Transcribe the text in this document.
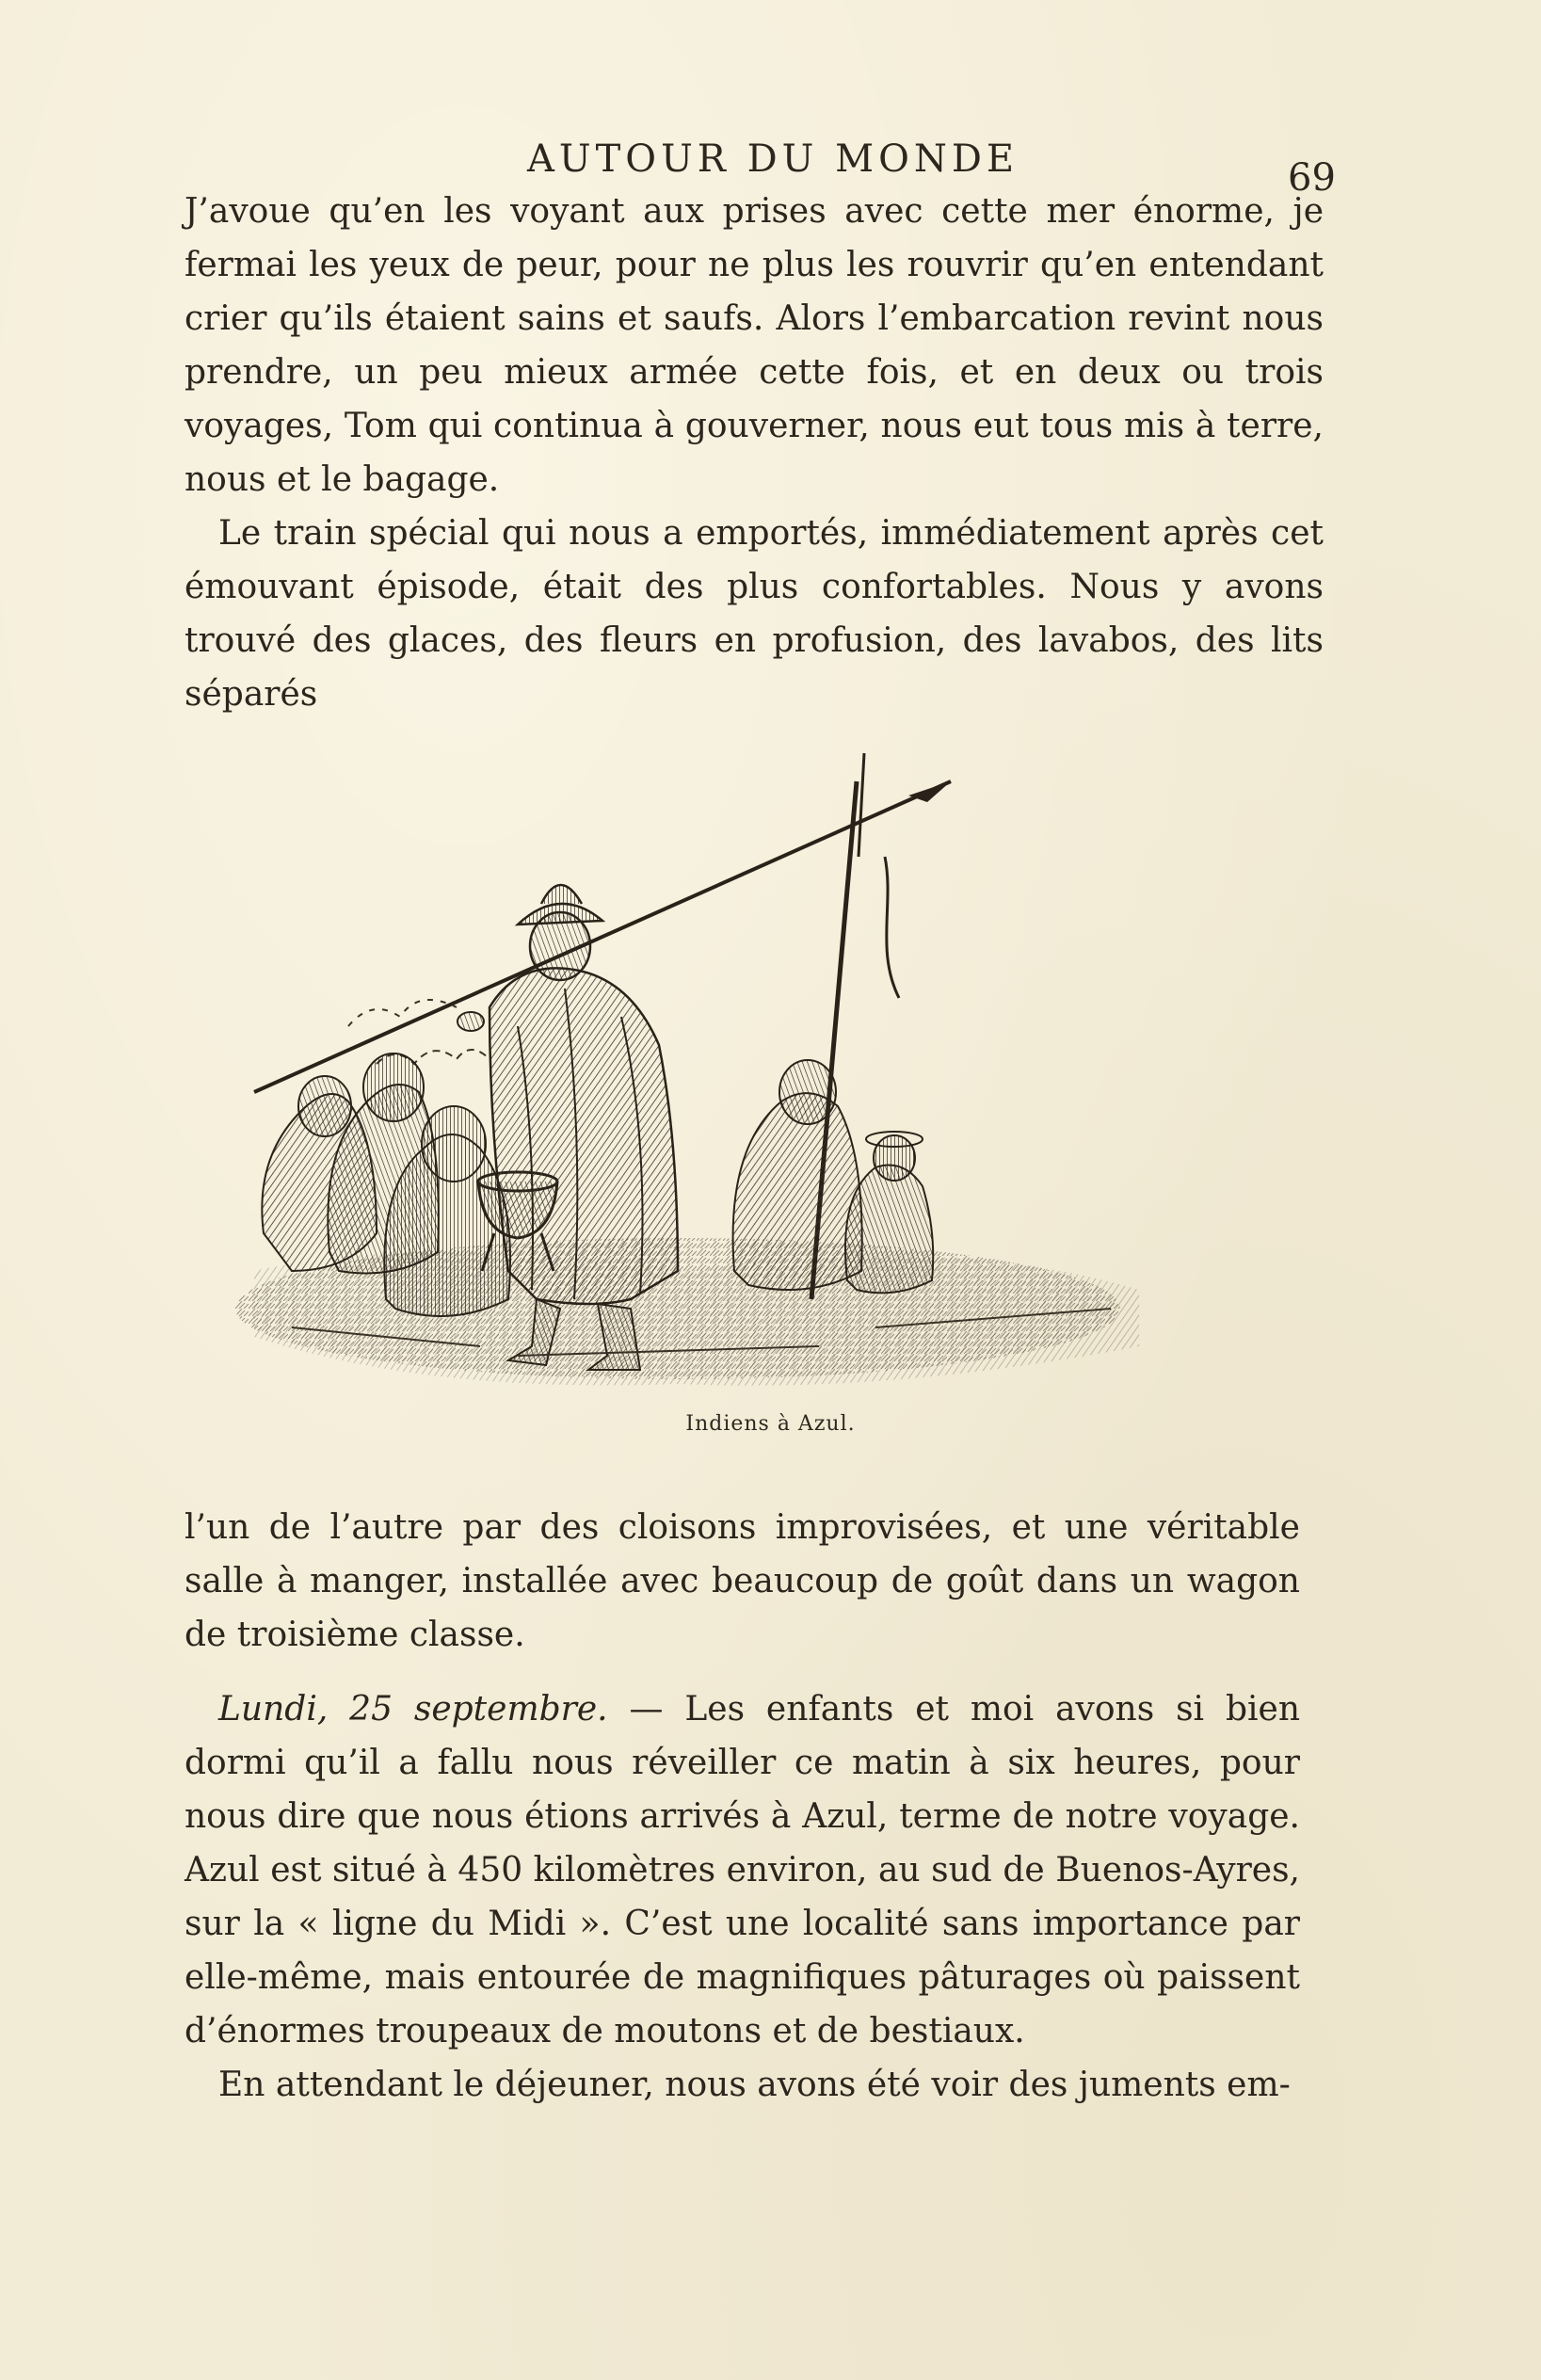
AUTOUR DU MONDE	69

J’avoue qu’en les voyant aux prises avec cette mer énorme, je fermai les yeux de peur, pour ne plus les rouvrir qu’en entendant crier qu’ils étaient sains et saufs. Alors l’embarcation revint nous prendre, un peu mieux armée cette fois, et en deux ou trois voyages, Tom qui continua à gouverner, nous eut tous mis à terre, nous et le bagage.

Le train spécial qui nous a emportés, immédiatement après cet émouvant épisode, était des plus confortables. Nous y avons trouvé des glaces, des fleurs en profusion, des lavabos, des lits séparés

Indiens à Azul.

l’un de l’autre par des cloisons improvisées, et une véritable salle à manger, installée avec beaucoup de goût dans un wagon de troisième classe.

Lundi, 25 septembre. — Les enfants et moi avons si bien dormi qu’il a fallu nous réveiller ce matin à six heures, pour nous dire que nous étions arrivés à Azul, terme de notre voyage. Azul est situé à 450 kilomètres environ, au sud de Buenos-Ayres, sur la « ligne du Midi ». C’est une localité sans importance par elle-même, mais entourée de magnifiques pâturages où paissent d’énormes troupeaux de moutons et de bestiaux.

En attendant le déjeuner, nous avons été voir des juments em-
